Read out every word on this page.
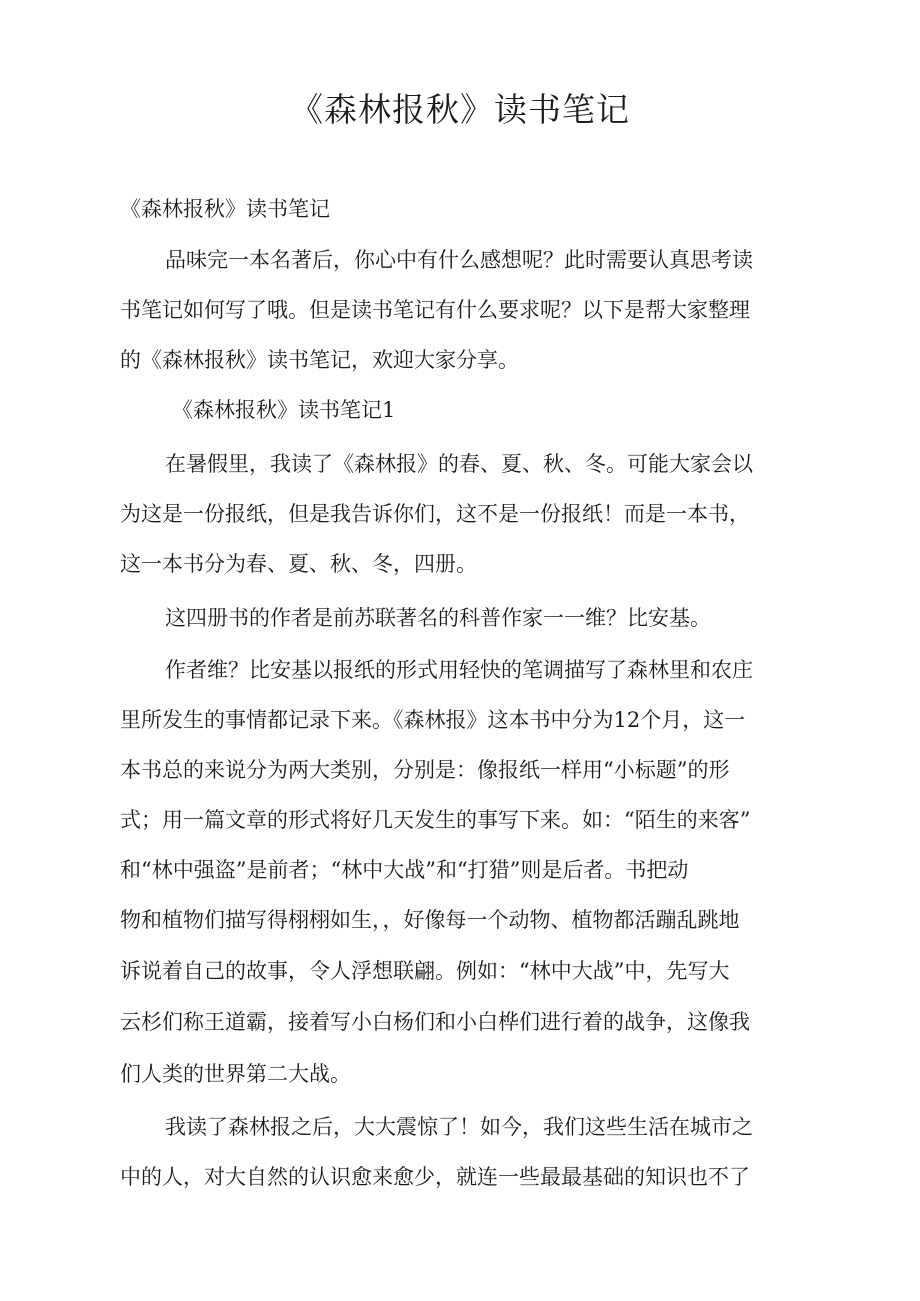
《森林报秋》读书笔记

《森林报秋》读书笔记

品味完一本名著后，你心中有什么感想呢？此时需要认真思考读

书笔记如何写了哦。但是读书笔记有什么要求呢？以下是帮大家整理

的《森林报秋》读书笔记，欢迎大家分享。

《森林报秋》读书笔记1

在暑假里，我读了《森林报》的春、夏、秋、冬。可能大家会以

为这是一份报纸，但是我告诉你们，这不是一份报纸！而是一本书，

这一本书分为春、夏、秋、冬，四册。

这四册书的作者是前苏联著名的科普作家一一维？比安基。

作者维？比安基以报纸的形式用轻快的笔调描写了森林里和农庄

里所发生的事情都记录下来。《森林报》这本书中分为12个月，这一

本书总的来说分为两大类别，分别是：像报纸一样用“小标题”的形

式；用一篇文章的形式将好几天发生的事写下来。如：“陌生的来客”

和“林中强盗”是前者；“林中大战”和“打猎”则是后者。书把动

物和植物们描写得栩栩如生，，好像每一个动物、植物都活蹦乱跳地

诉说着自己的故事，令人浮想联翩。例如：“林中大战”中，先写大

云杉们称王道霸，接着写小白杨们和小白桦们进行着的战争，这像我

们人类的世界第二大战。

我读了森林报之后，大大震惊了！如今，我们这些生活在城市之

中的人，对大自然的认识愈来愈少，就连一些最最基础的知识也不了
